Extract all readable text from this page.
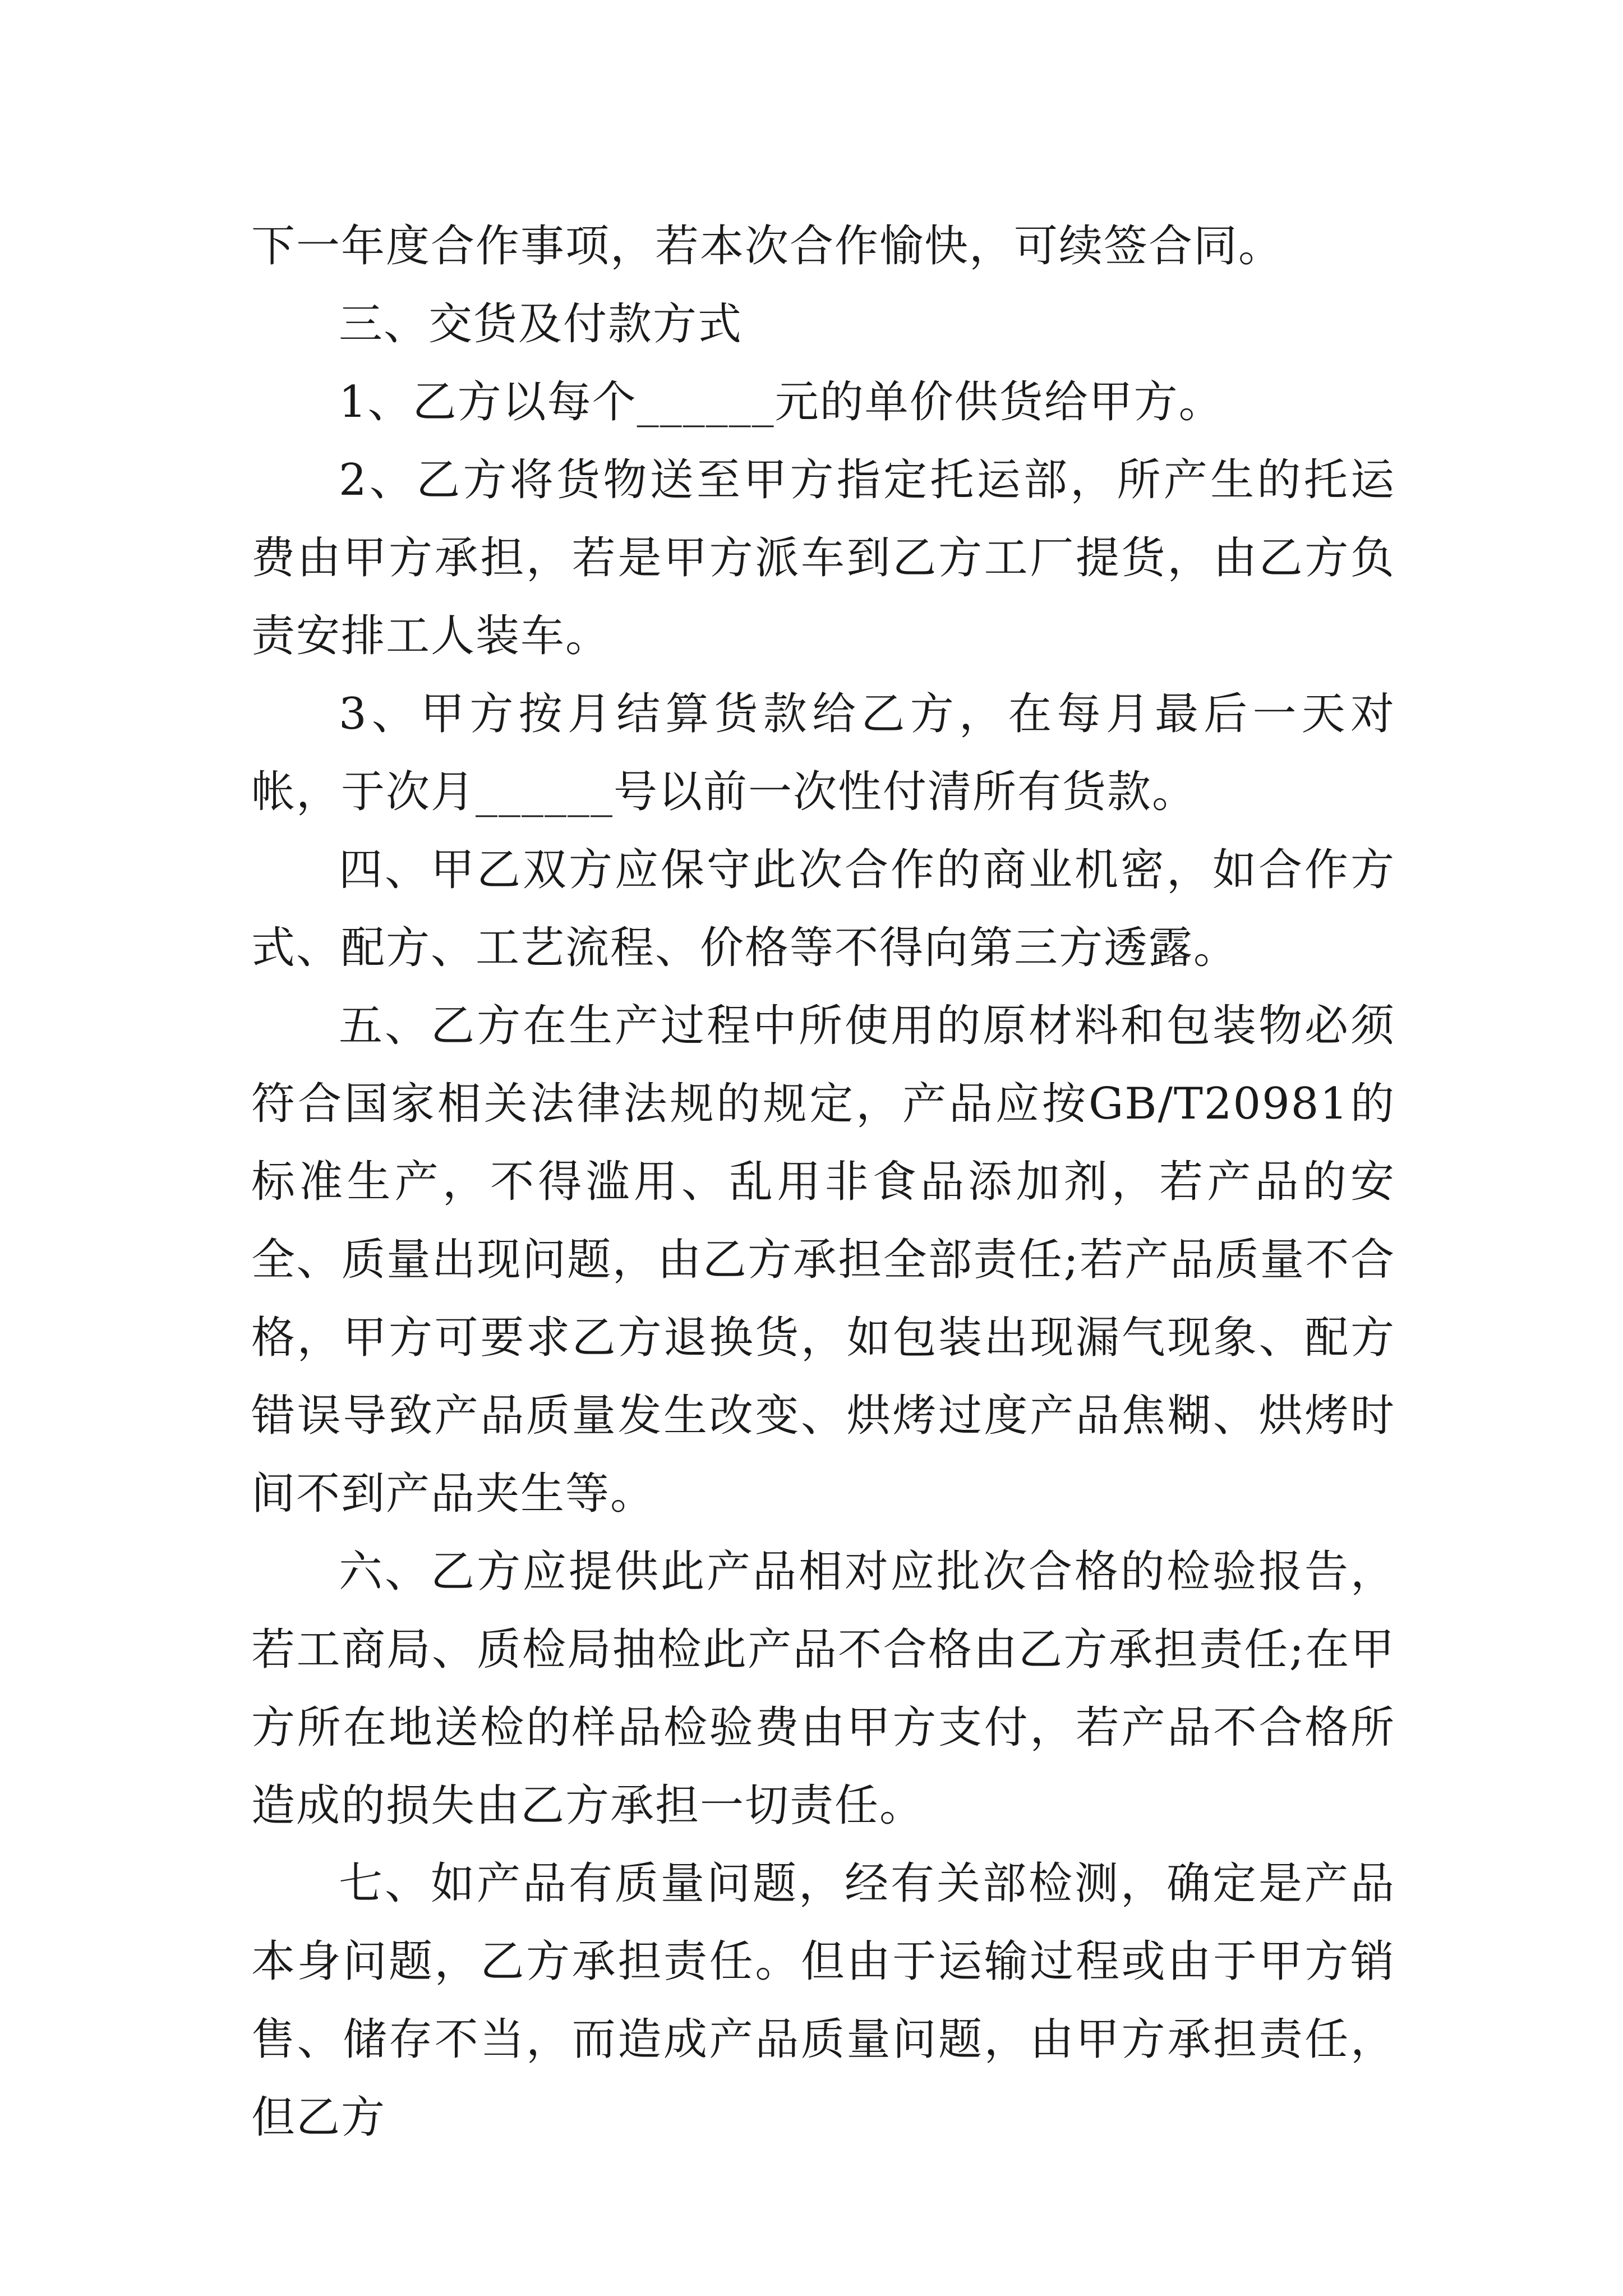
下一年度合作事项，若本次合作愉快，可续签合同。

三、交货及付款方式

1、乙方以每个______元的单价供货给甲方。

2、乙方将货物送至甲方指定托运部，所产生的托运费由甲方承担，若是甲方派车到乙方工厂提货，由乙方负责安排工人装车。

3、甲方按月结算货款给乙方，在每月最后一天对帐，于次月______号以前一次性付清所有货款。

四、甲乙双方应保守此次合作的商业机密，如合作方式、配方、工艺流程、价格等不得向第三方透露。

五、乙方在生产过程中所使用的原材料和包装物必须符合国家相关法律法规的规定，产品应按GB/T20981的标准生产，不得滥用、乱用非食品添加剂，若产品的安全、质量出现问题，由乙方承担全部责任;若产品质量不合格，甲方可要求乙方退换货，如包装出现漏气现象、配方错误导致产品质量发生改变、烘烤过度产品焦糊、烘烤时间不到产品夹生等。

六、乙方应提供此产品相对应批次合格的检验报告，若工商局、质检局抽检此产品不合格由乙方承担责任;在甲方所在地送检的样品检验费由甲方支付，若产品不合格所造成的损失由乙方承担一切责任。

七、如产品有质量问题，经有关部检测，确定是产品本身问题，乙方承担责任。但由于运输过程或由于甲方销售、储存不当，而造成产品质量问题，由甲方承担责任，但乙方
